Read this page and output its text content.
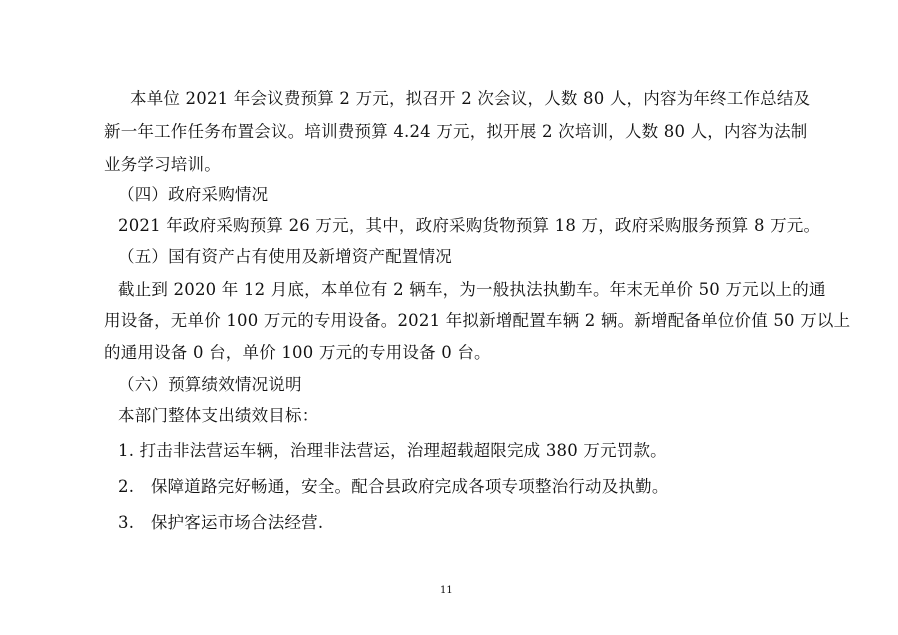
本单位 2021 年会议费预算 2 万元，拟召开 2 次会议，人数 80 人，内容为年终工作总结及
新一年工作任务布置会议。培训费预算 4.24 万元，拟开展 2 次培训，人数 80 人，内容为法制
业务学习培训。
（四）政府采购情况
2021 年政府采购预算 26 万元，其中，政府采购货物预算 18 万，政府采购服务预算 8 万元。
（五）国有资产占有使用及新增资产配置情况
截止到 2020 年 12 月底，本单位有 2 辆车，为一般执法执勤车。年末无单价 50 万元以上的通
用设备，无单价 100 万元的专用设备。2021 年拟新增配置车辆 2 辆。新增配备单位价值 50 万以上
的通用设备 0 台，单价 100 万元的专用设备 0 台。
（六）预算绩效情况说明
本部门整体支出绩效目标：
1. 打击非法营运车辆，治理非法营运，治理超载超限完成 380 万元罚款。
2.　保障道路完好畅通，安全。配合县政府完成各项专项整治行动及执勤。
3.　保护客运市场合法经营.
11
